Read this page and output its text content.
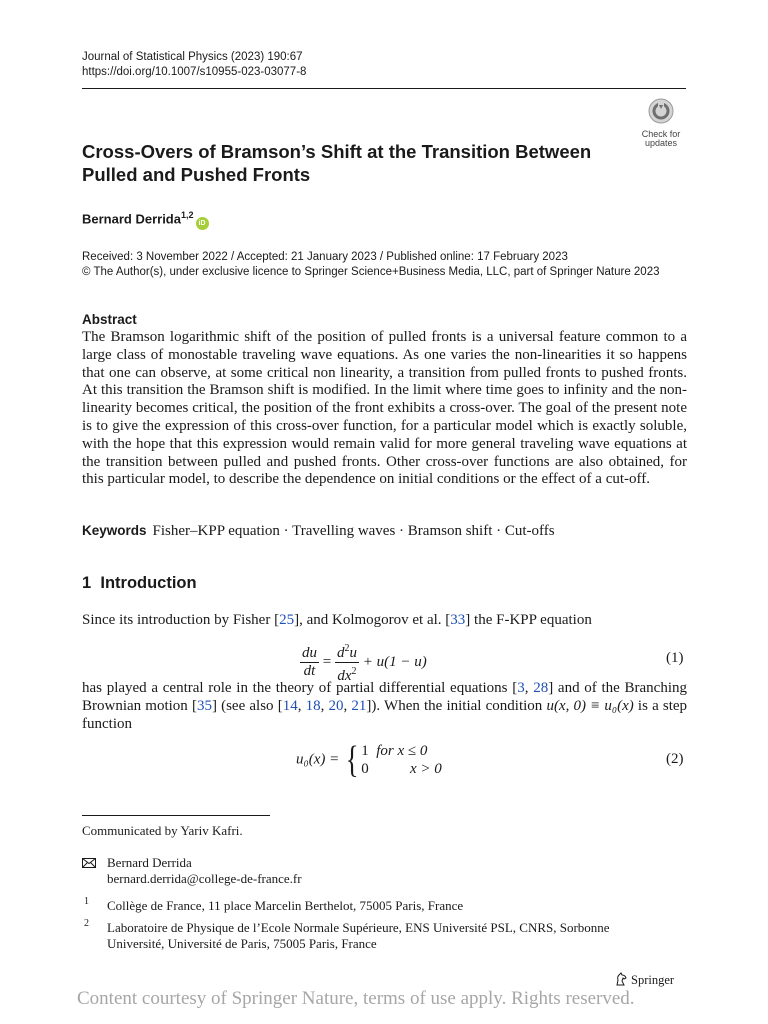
Journal of Statistical Physics (2023) 190:67
https://doi.org/10.1007/s10955-023-03077-8
Check for
updates
Cross-Overs of Bramson’s Shift at the Transition Between
Pulled and Pushed Fronts
Bernard Derrida$^{1,2}$iD
Received: 3 November 2022 / Accepted: 21 January 2023 / Published online: 17 February 2023
© The Author(s), under exclusive licence to Springer Science+Business Media, LLC, part of Springer Nature 2023
Abstract
The Bramson logarithmic shift of the position of pulled fronts is a universal feature common to a large class of monostable traveling wave equations. As one varies the non-linearities it so happens that one can observe, at some critical non linearity, a transition from pulled fronts to pushed fronts. At this transition the Bramson shift is modified. In the limit where time goes to infinity and the non-linearity becomes critical, the position of the front exhibits a cross-over. The goal of the present note is to give the expression of this cross-over function, for a particular model which is exactly soluble, with the hope that this expression would remain valid for more general traveling wave equations at the transition between pulled and pushed fronts. Other cross-over functions are also obtained, for this particular model, to describe the dependence on initial conditions or the effect of a cut-off.
Keywords Fisher–KPP equation · Travelling waves · Bramson shift · Cut-offs
1 Introduction
Since its introduction by Fisher [25], and Kolmogorov et al. [33] the F-KPP equation
$\frac{du}{dt} = \frac{d^2u}{dx^2} + u(1 - u)$	(1)
has played a central role in the theory of partial differential equations [3, 28] and of the Branching Brownian motion [35] (see also [14, 18, 20, 21]). When the initial condition u(x, 0) ≡ u₀(x) is a step function
u₀(x) = { 1 for x ≤ 0
0	x > 0
(2)
Communicated by Yariv Kafri.
Bernard Derrida
bernard.derrida@college-de-france.fr
1 Collège de France, 11 place Marcelin Berthelot, 75005 Paris, France
2 Laboratoire de Physique de l’Ecole Normale Supérieure, ENS Université PSL, CNRS, Sorbonne Université, Université de Paris, 75005 Paris, France
Springer
Content courtesy of Springer Nature, terms of use apply. Rights reserved.
